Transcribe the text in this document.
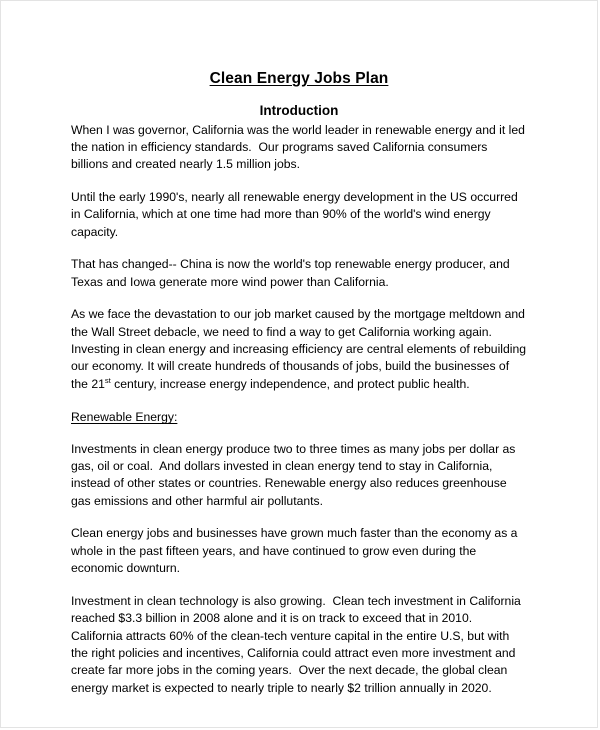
Clean Energy Jobs Plan
Introduction

When I was governor, California was the world leader in renewable energy and it led the nation in efficiency standards.  Our programs saved California consumers billions and created nearly 1.5 million jobs.

Until the early 1990's, nearly all renewable energy development in the US occurred in California, which at one time had more than 90% of the world's wind energy capacity.

That has changed-- China is now the world's top renewable energy producer, and Texas and Iowa generate more wind power than California.

As we face the devastation to our job market caused by the mortgage meltdown and the Wall Street debacle, we need to find a way to get California working again.  Investing in clean energy and increasing efficiency are central elements of rebuilding our economy. It will create hundreds of thousands of jobs, build the businesses of the 21st century, increase energy independence, and protect public health.

Renewable Energy:

Investments in clean energy produce two to three times as many jobs per dollar as gas, oil or coal.  And dollars invested in clean energy tend to stay in California, instead of other states or countries. Renewable energy also reduces greenhouse gas emissions and other harmful air pollutants.

Clean energy jobs and businesses have grown much faster than the economy as a whole in the past fifteen years, and have continued to grow even during the economic downturn.

Investment in clean technology is also growing.  Clean tech investment in California reached $3.3 billion in 2008 alone and it is on track to exceed that in 2010.  California attracts 60% of the clean-tech venture capital in the entire U.S, but with the right policies and incentives, California could attract even more investment and create far more jobs in the coming years.  Over the next decade, the global clean energy market is expected to nearly triple to nearly $2 trillion annually in 2020.
